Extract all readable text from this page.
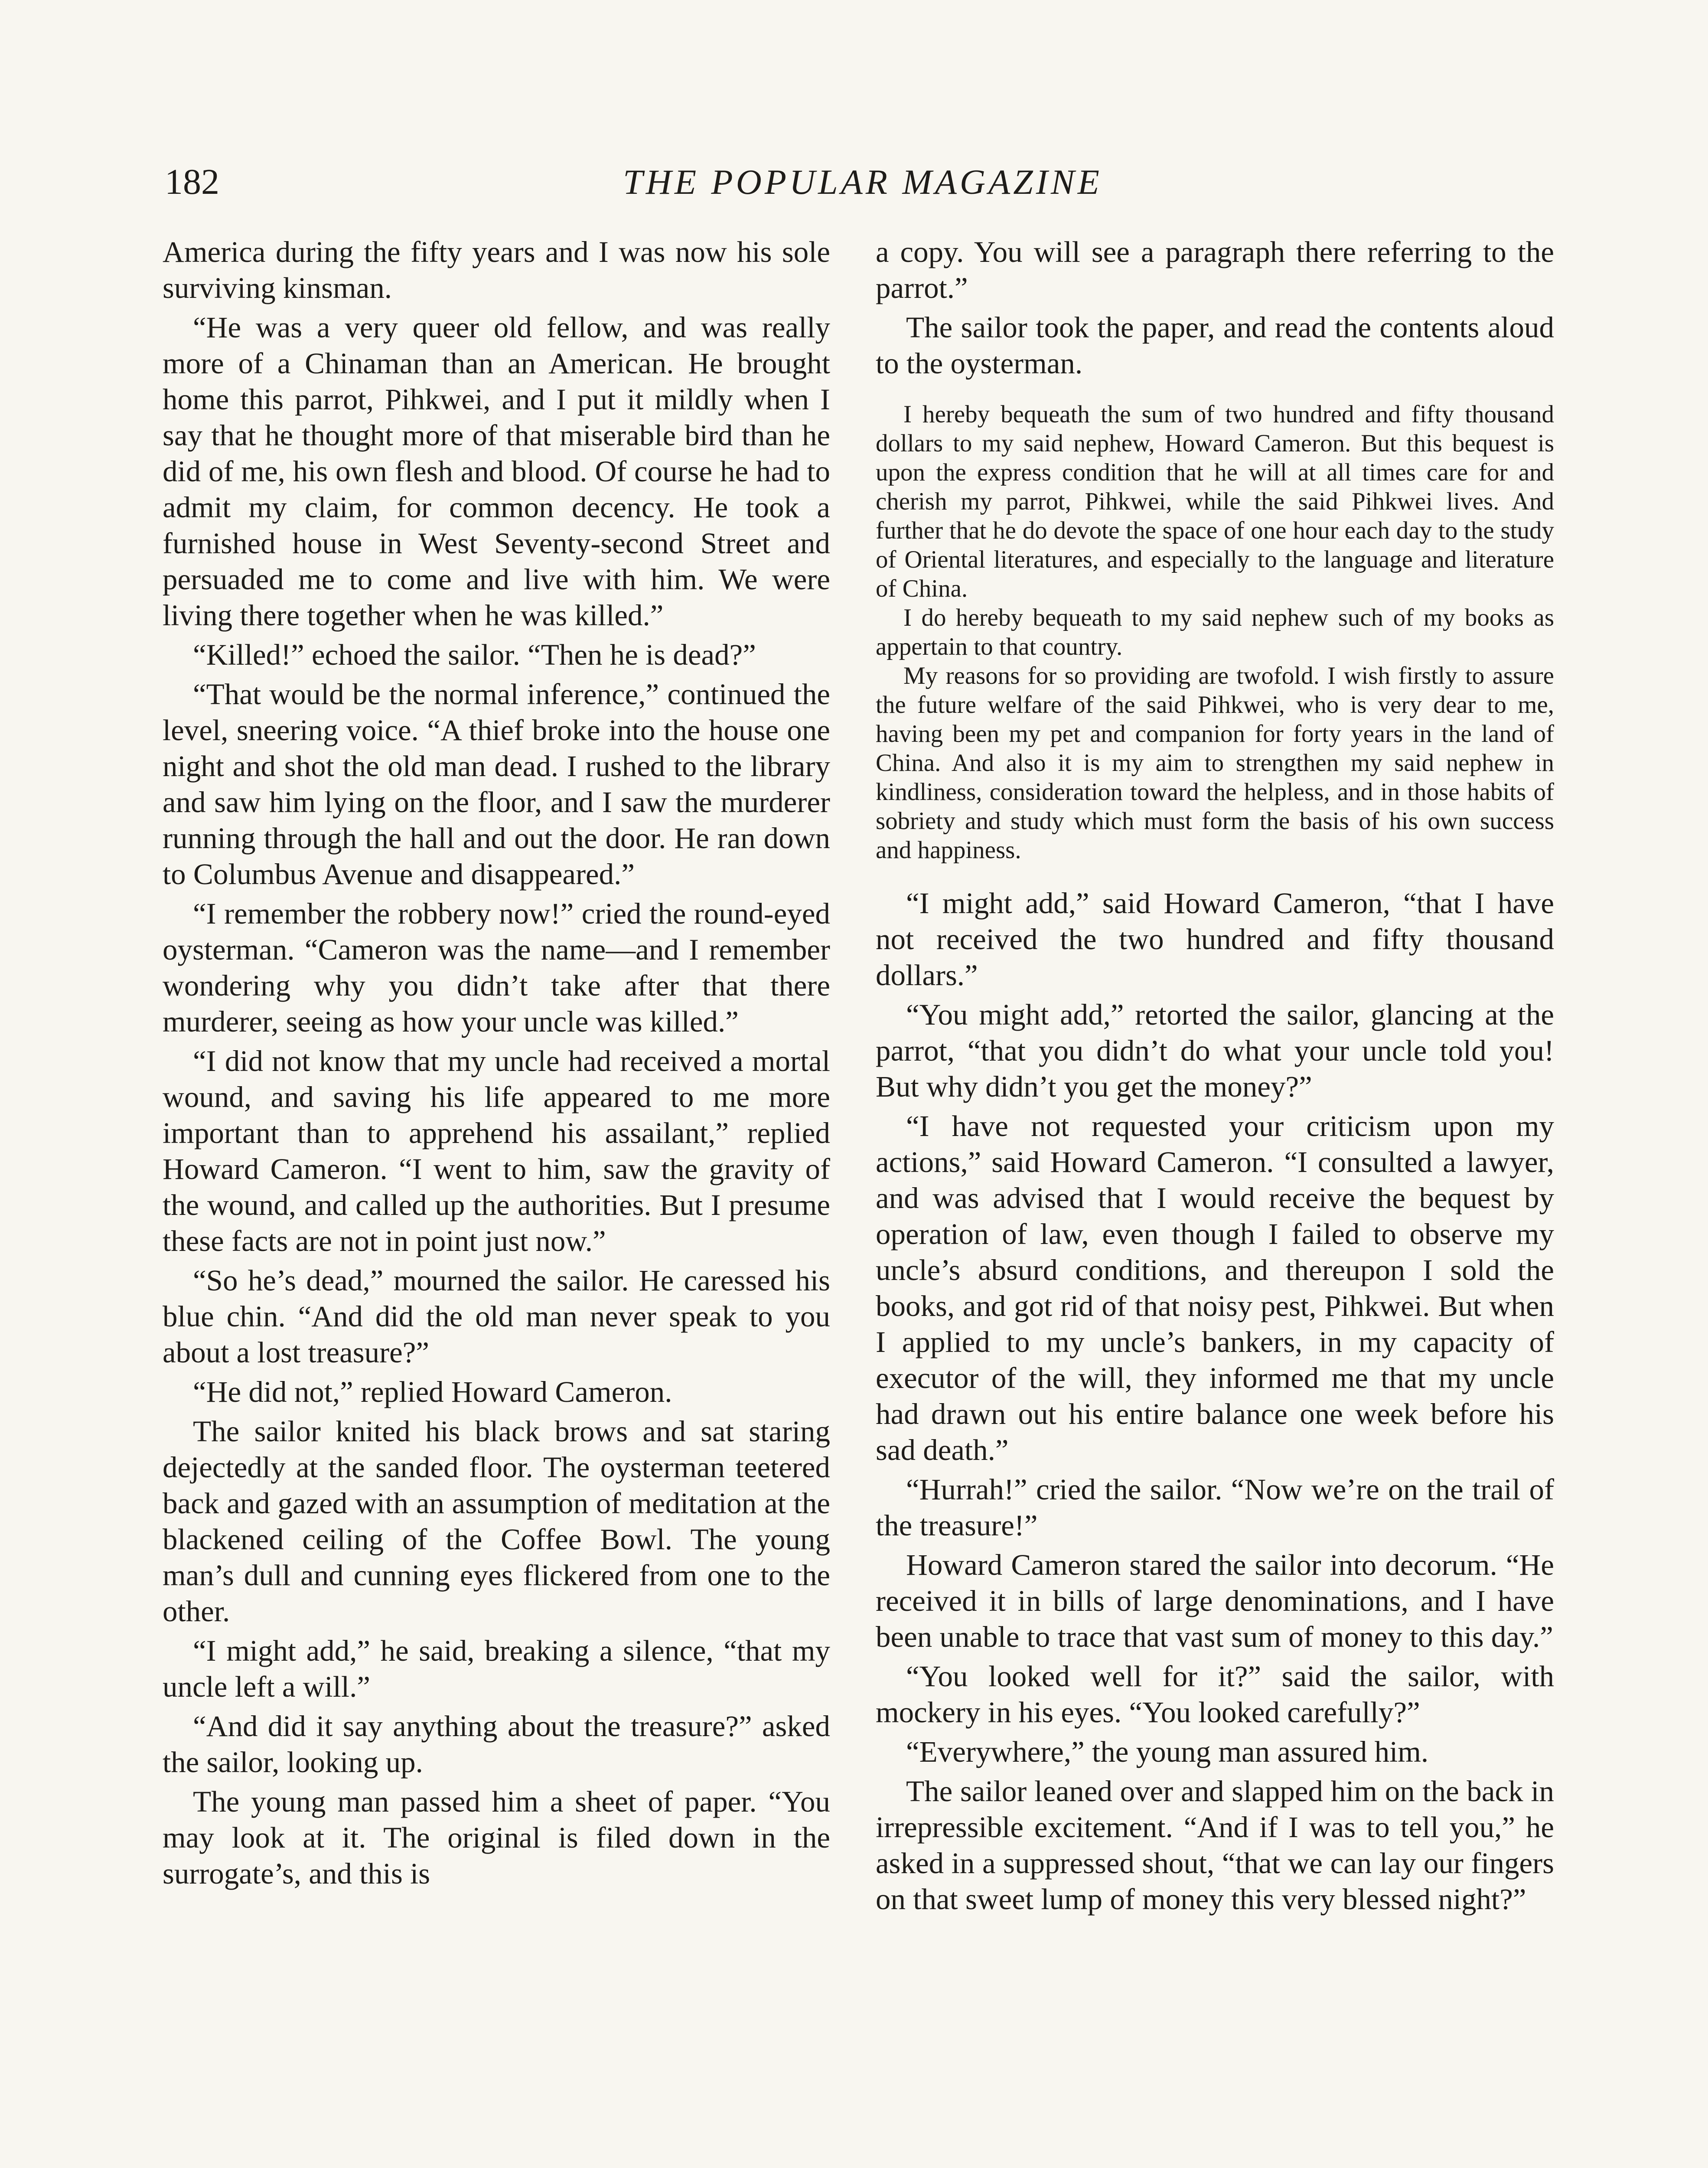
182	THE POPULAR MAGAZINE

America during the fifty years and I was now his sole surviving kinsman.

“He was a very queer old fellow, and was really more of a Chinaman than an American. He brought home this parrot, Pihkwei, and I put it mildly when I say that he thought more of that miserable bird than he did of me, his own flesh and blood. Of course he had to admit my claim, for common decency. He took a furnished house in West Seventy-second Street and persuaded me to come and live with him. We were living there together when he was killed.”

“Killed!” echoed the sailor. “Then he is dead?”

“That would be the normal inference,” continued the level, sneering voice. “A thief broke into the house one night and shot the old man dead. I rushed to the library and saw him lying on the floor, and I saw the murderer running through the hall and out the door. He ran down to Columbus Avenue and disappeared.”

“I remember the robbery now!” cried the round-eyed oysterman. “Cameron was the name—and I remember wondering why you didn’t take after that there murderer, seeing as how your uncle was killed.”

“I did not know that my uncle had received a mortal wound, and saving his life appeared to me more important than to apprehend his assailant,” replied Howard Cameron. “I went to him, saw the gravity of the wound, and called up the authorities. But I presume these facts are not in point just now.”

“So he’s dead,” mourned the sailor. He caressed his blue chin. “And did the old man never speak to you about a lost treasure?”

“He did not,” replied Howard Cameron.

The sailor knited his black brows and sat staring dejectedly at the sanded floor. The oysterman teetered back and gazed with an assumption of meditation at the blackened ceiling of the Coffee Bowl. The young man’s dull and cunning eyes flickered from one to the other.

“I might add,” he said, breaking a silence, “that my uncle left a will.”

“And did it say anything about the treasure?” asked the sailor, looking up.

The young man passed him a sheet of paper. “You may look at it. The original is filed down in the surrogate’s, and this is

a copy. You will see a paragraph there referring to the parrot.”

The sailor took the paper, and read the contents aloud to the oysterman.

I hereby bequeath the sum of two hundred and fifty thousand dollars to my said nephew, Howard Cameron. But this bequest is upon the express condition that he will at all times care for and cherish my parrot, Pihkwei, while the said Pihkwei lives. And further that he do devote the space of one hour each day to the study of Oriental literatures, and especially to the language and literature of China.

I do hereby bequeath to my said nephew such of my books as appertain to that country.

My reasons for so providing are twofold. I wish firstly to assure the future welfare of the said Pihkwei, who is very dear to me, having been my pet and companion for forty years in the land of China. And also it is my aim to strengthen my said nephew in kindliness, consideration toward the helpless, and in those habits of sobriety and study which must form the basis of his own success and happiness.

“I might add,” said Howard Cameron, “that I have not received the two hundred and fifty thousand dollars.”

“You might add,” retorted the sailor, glancing at the parrot, “that you didn’t do what your uncle told you! But why didn’t you get the money?”

“I have not requested your criticism upon my actions,” said Howard Cameron. “I consulted a lawyer, and was advised that I would receive the bequest by operation of law, even though I failed to observe my uncle’s absurd conditions, and thereupon I sold the books, and got rid of that noisy pest, Pihkwei. But when I applied to my uncle’s bankers, in my capacity of executor of the will, they informed me that my uncle had drawn out his entire balance one week before his sad death.”

“Hurrah!” cried the sailor. “Now we’re on the trail of the treasure!”

Howard Cameron stared the sailor into decorum. “He received it in bills of large denominations, and I have been unable to trace that vast sum of money to this day.”

“You looked well for it?” said the sailor, with mockery in his eyes. “You looked carefully?”

“Everywhere,” the young man assured him.

The sailor leaned over and slapped him on the back in irrepressible excitement. “And if I was to tell you,” he asked in a suppressed shout, “that we can lay our fingers on that sweet lump of money this very blessed night?”
